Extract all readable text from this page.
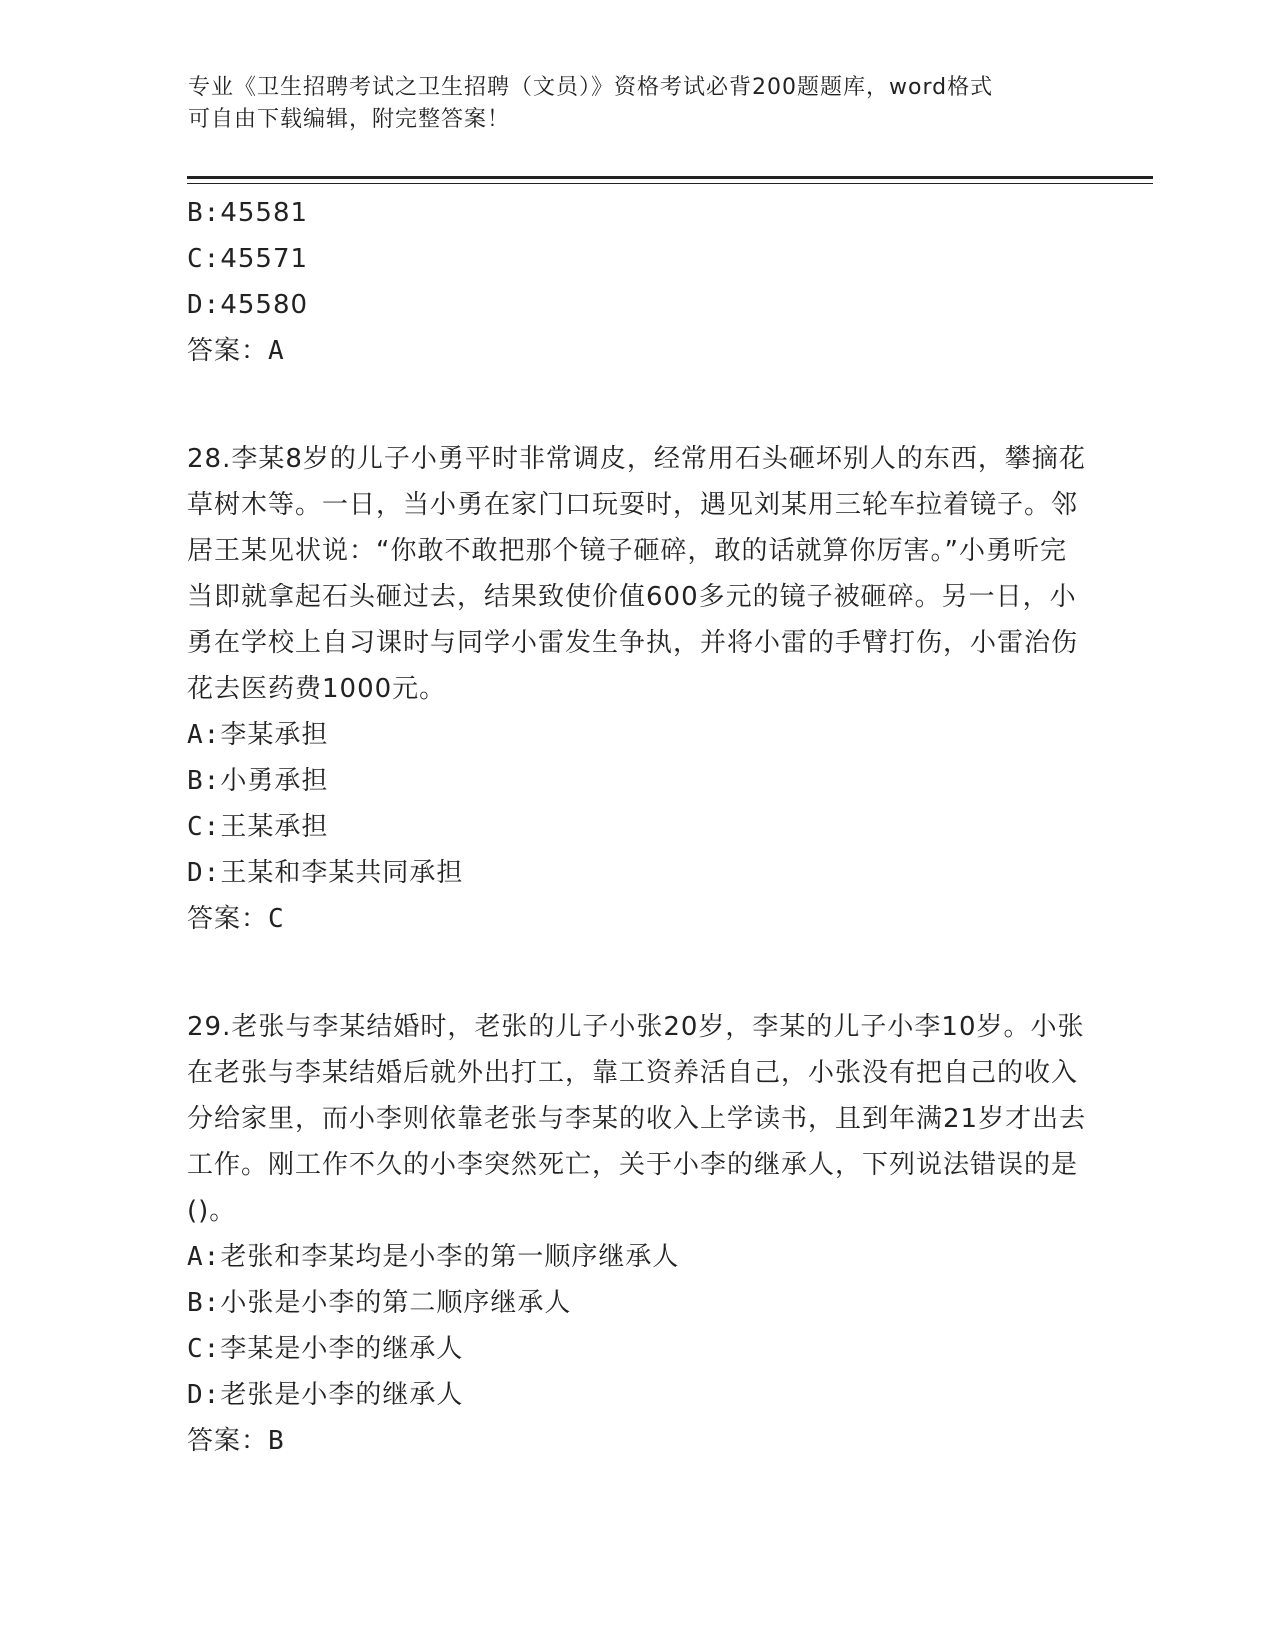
专业《卫生招聘考试之卫生招聘（文员）》资格考试必背200题题库，word格式
可自由下载编辑，附完整答案！
B:45581
C:45571
D:45580
答案：A
28.李某8岁的儿子小勇平时非常调皮，经常用石头砸坏别人的东西，攀摘花草树木等。一日，当小勇在家门口玩耍时，遇见刘某用三轮车拉着镜子。邻居王某见状说：“你敢不敢把那个镜子砸碎，敢的话就算你厉害。”小勇听完当即就拿起石头砸过去，结果致使价值600多元的镜子被砸碎。另一日，小勇在学校上自习课时与同学小雷发生争执，并将小雷的手臂打伤，小雷治伤花去医药费1000元。
A:李某承担
B:小勇承担
C:王某承担
D:王某和李某共同承担
答案：C
29.老张与李某结婚时，老张的儿子小张20岁，李某的儿子小李10岁。小张在老张与李某结婚后就外出打工，靠工资养活自己，小张没有把自己的收入分给家里，而小李则依靠老张与李某的收入上学读书，且到年满21岁才出去工作。刚工作不久的小李突然死亡，关于小李的继承人，下列说法错误的是()。
A:老张和李某均是小李的第一顺序继承人
B:小张是小李的第二顺序继承人
C:李某是小李的继承人
D:老张是小李的继承人
答案：B
